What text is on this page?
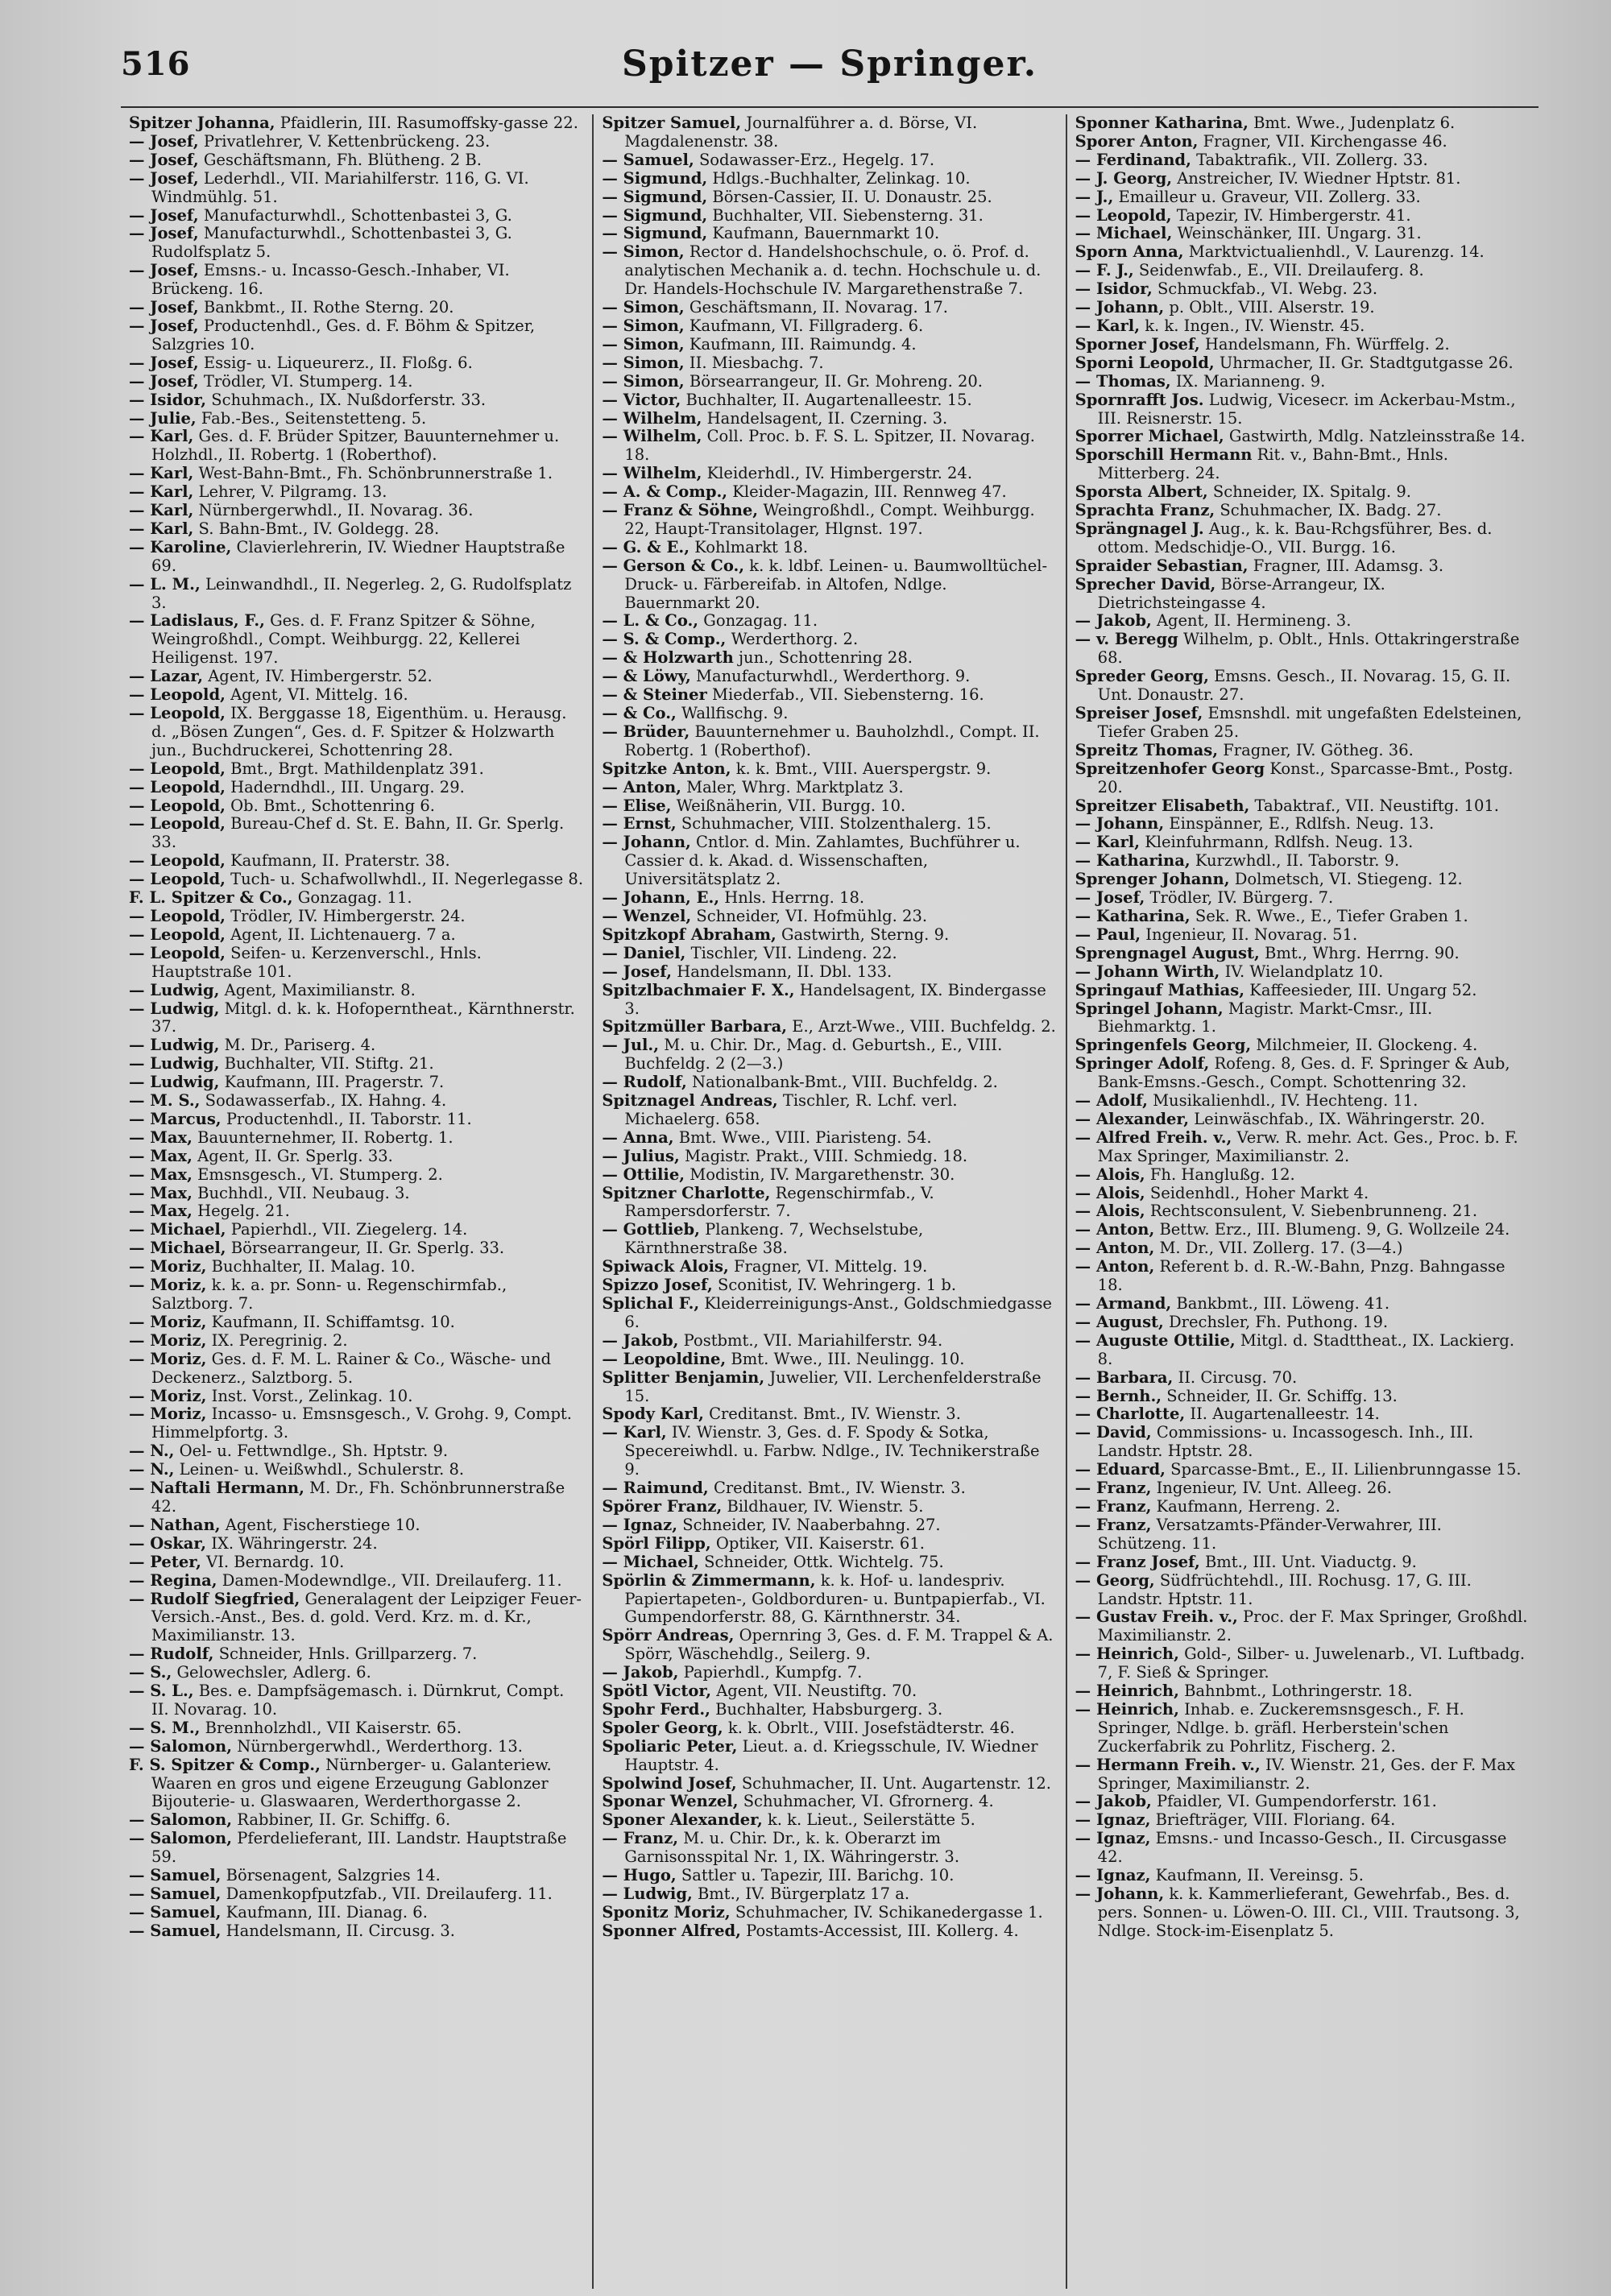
516	Spitzer — Springer.
Spitzer Johanna, Pfaidlerin, III. Rasumoffsky-gasse 22.
— Josef, Privatlehrer, V. Kettenbrückeng. 23.
— Josef, Geschäftsmann, Fh. Blütheng. 2 B.
— Josef, Lederhdl., VII. Mariahilferstr. 116, G. VI. Windmühlg. 51.
— Josef, Manufacturwhdl., Schottenbastei 3, G.
— Josef, Manufacturwhdl., Schottenbastei 3, G. Rudolfsplatz 5.
— Josef, Emsns.- u. Incasso-Gesch.-Inhaber, VI. Brückeng. 16.
— Josef, Bankbmt., II. Rothe Sterng. 20.
— Josef, Productenhdl., Ges. d. F. Böhm & Spitzer, Salzgries 10.
— Josef, Essig- u. Liqueurerz., II. Floßg. 6.
— Josef, Trödler, VI. Stumperg. 14.
— Isidor, Schuhmach., IX. Nußdorferstr. 33.
— Julie, Fab.-Bes., Seitenstetteng. 5.
— Karl, Ges. d. F. Brüder Spitzer, Bauunternehmer u. Holzhdl., II. Robertg. 1 (Roberthof).
— Karl, West-Bahn-Bmt., Fh. Schönbrunnerstraße 1.
— Karl, Lehrer, V. Pilgramg. 13.
— Karl, Nürnbergerwhdl., II. Novarag. 36.
— Karl, S. Bahn-Bmt., IV. Goldegg. 28.
— Karoline, Clavierlehrerin, IV. Wiedner Hauptstraße 69.
— L. M., Leinwandhdl., II. Negerleg. 2, G. Rudolfsplatz 3.
— Ladislaus, F., Ges. d. F. Franz Spitzer & Söhne, Weingroßhdl., Compt. Weihburgg. 22, Kellerei Heiligenst. 197.
— Lazar, Agent, IV. Himbergerstr. 52.
— Leopold, Agent, VI. Mittelg. 16.
— Leopold, IX. Berggasse 18, Eigenthüm. u. Herausg. d. „Bösen Zungen“, Ges. d. F. Spitzer & Holzwarth jun., Buchdruckerei, Schottenring 28.
— Leopold, Bmt., Brgt. Mathildenplatz 391.
— Leopold, Haderndhdl., III. Ungarg. 29.
— Leopold, Ob. Bmt., Schottenring 6.
— Leopold, Bureau-Chef d. St. E. Bahn, II. Gr. Sperlg. 33.
— Leopold, Kaufmann, II. Praterstr. 38.
— Leopold, Tuch- u. Schafwollwhdl., II. Negerlegasse 8.
F. L. Spitzer & Co., Gonzagag. 11.
— Leopold, Trödler, IV. Himbergerstr. 24.
— Leopold, Agent, II. Lichtenauerg. 7 a.
— Leopold, Seifen- u. Kerzenverschl., Hnls. Hauptstraße 101.
— Ludwig, Agent, Maximilianstr. 8.
— Ludwig, Mitgl. d. k. k. Hofoperntheat., Kärnthnerstr. 37.
— Ludwig, M. Dr., Pariserg. 4.
— Ludwig, Buchhalter, VII. Stiftg. 21.
— Ludwig, Kaufmann, III. Pragerstr. 7.
— M. S., Sodawasserfab., IX. Hahng. 4.
— Marcus, Productenhdl., II. Taborstr. 11.
— Max, Bauunternehmer, II. Robertg. 1.
— Max, Agent, II. Gr. Sperlg. 33.
— Max, Emsnsgesch., VI. Stumperg. 2.
— Max, Buchhdl., VII. Neubaug. 3.
— Max, Hegelg. 21.
— Michael, Papierhdl., VII. Ziegelerg. 14.
— Michael, Börsearrangeur, II. Gr. Sperlg. 33.
— Moriz, Buchhalter, II. Malag. 10.
— Moriz, k. k. a. pr. Sonn- u. Regenschirmfab., Salztborg. 7.
— Moriz, Kaufmann, II. Schiffamtsg. 10.
— Moriz, IX. Peregrinig. 2.
— Moriz, Ges. d. F. M. L. Rainer & Co., Wäsche- und Deckenerz., Salztborg. 5.
— Moriz, Inst. Vorst., Zelinkag. 10.
— Moriz, Incasso- u. Emsnsgesch., V. Grohg. 9, Compt. Himmelpfortg. 3.
— N., Oel- u. Fettwndlge., Sh. Hptstr. 9.
— N., Leinen- u. Weißwhdl., Schulerstr. 8.
— Naftali Hermann, M. Dr., Fh. Schönbrunnerstraße 42.
— Nathan, Agent, Fischerstiege 10.
— Oskar, IX. Währingerstr. 24.
— Peter, VI. Bernardg. 10.
— Regina, Damen-Modewndlge., VII. Dreilauferg. 11.
— Rudolf Siegfried, Generalagent der Leipziger Feuer-Versich.-Anst., Bes. d. gold. Verd. Krz. m. d. Kr., Maximilianstr. 13.
— Rudolf, Schneider, Hnls. Grillparzerg. 7.
— S., Gelowechsler, Adlerg. 6.
— S. L., Bes. e. Dampfsägemasch. i. Dürnkrut, Compt. II. Novarag. 10.
— S. M., Brennholzhdl., VII Kaiserstr. 65.
— Salomon, Nürnbergerwhdl., Werderthorg. 13.
F. S. Spitzer & Comp., Nürnberger- u. Galanteriew. Waaren en gros und eigene Erzeugung Gablonzer Bijouterie- u. Glaswaaren, Werderthorgasse 2.
— Salomon, Rabbiner, II. Gr. Schiffg. 6.
— Salomon, Pferdelieferant, III. Landstr. Hauptstraße 59.
— Samuel, Börsenagent, Salzgries 14.
— Samuel, Damenkopfputzfab., VII. Dreilauferg. 11.
— Samuel, Kaufmann, III. Dianag. 6.
— Samuel, Handelsmann, II. Circusg. 3.
Spitzer Samuel, Journalführer a. d. Börse, VI. Magdalenenstr. 38.
— Samuel, Sodawasser-Erz., Hegelg. 17.
— Sigmund, Hdlgs.-Buchhalter, Zelinkag. 10.
— Sigmund, Börsen-Cassier, II. U. Donaustr. 25.
— Sigmund, Buchhalter, VII. Siebensterng. 31.
— Sigmund, Kaufmann, Bauernmarkt 10.
— Simon, Rector d. Handelshochschule, o. ö. Prof. d. analytischen Mechanik a. d. techn. Hochschule u. d. Dr. Handels-Hochschule IV. Margarethenstraße 7.
— Simon, Geschäftsmann, II. Novarag. 17.
— Simon, Kaufmann, VI. Fillgraderg. 6.
— Simon, Kaufmann, III. Raimundg. 4.
— Simon, II. Miesbachg. 7.
— Simon, Börsearrangeur, II. Gr. Mohreng. 20.
— Victor, Buchhalter, II. Augartenalleestr. 15.
— Wilhelm, Handelsagent, II. Czerning. 3.
— Wilhelm, Coll. Proc. b. F. S. L. Spitzer, II. Novarag. 18.
— Wilhelm, Kleiderhdl., IV. Himbergerstr. 24.
— A. & Comp., Kleider-Magazin, III. Rennweg 47.
— Franz & Söhne, Weingroßhdl., Compt. Weihburgg. 22, Haupt-Transitolager, Hlgnst. 197.
— G. & E., Kohlmarkt 18.
— Gerson & Co., k. k. ldbf. Leinen- u. Baumwolltüchel-Druck- u. Färbereifab. in Altofen, Ndlge. Bauernmarkt 20.
— L. & Co., Gonzagag. 11.
— S. & Comp., Werderthorg. 2.
— & Holzwarth jun., Schottenring 28.
— & Löwy, Manufacturwhdl., Werderthorg. 9.
— & Steiner Miederfab., VII. Siebensterng. 16.
— & Co., Wallfischg. 9.
— Brüder, Bauunternehmer u. Bauholzhdl., Compt. II. Robertg. 1 (Roberthof).
Spitzke Anton, k. k. Bmt., VIII. Auerspergstr. 9.
— Anton, Maler, Whrg. Marktplatz 3.
— Elise, Weißnäherin, VII. Burgg. 10.
— Ernst, Schuhmacher, VIII. Stolzenthalerg. 15.
— Johann, Cntlor. d. Min. Zahlamtes, Buchführer u. Cassier d. k. Akad. d. Wissenschaften, Universitätsplatz 2.
— Johann, E., Hnls. Herrng. 18.
— Wenzel, Schneider, VI. Hofmühlg. 23.
Spitzkopf Abraham, Gastwirth, Sterng. 9.
— Daniel, Tischler, VII. Lindeng. 22.
— Josef, Handelsmann, II. Dbl. 133.
Spitzlbachmaier F. X., Handelsagent, IX. Bindergasse 3.
Spitzmüller Barbara, E., Arzt-Wwe., VIII. Buchfeldg. 2.
— Jul., M. u. Chir. Dr., Mag. d. Geburtsh., E., VIII. Buchfeldg. 2 (2—3.)
— Rudolf, Nationalbank-Bmt., VIII. Buchfeldg. 2.
Spitznagel Andreas, Tischler, R. Lchf. verl. Michaelerg. 658.
— Anna, Bmt. Wwe., VIII. Piaristeng. 54.
— Julius, Magistr. Prakt., VIII. Schmiedg. 18.
— Ottilie, Modistin, IV. Margarethenstr. 30.
Spitzner Charlotte, Regenschirmfab., V. Rampersdorferstr. 7.
— Gottlieb, Plankeng. 7, Wechselstube, Kärnthnerstraße 38.
Spiwack Alois, Fragner, VI. Mittelg. 19.
Spizzo Josef, Sconitist, IV. Wehringerg. 1 b.
Splichal F., Kleiderreinigungs-Anst., Goldschmiedgasse 6.
— Jakob, Postbmt., VII. Mariahilferstr. 94.
— Leopoldine, Bmt. Wwe., III. Neulingg. 10.
Splitter Benjamin, Juwelier, VII. Lerchenfelderstraße 15.
Spody Karl, Creditanst. Bmt., IV. Wienstr. 3.
— Karl, IV. Wienstr. 3, Ges. d. F. Spody & Sotka, Specereiwhdl. u. Farbw. Ndlge., IV. Technikerstraße 9.
— Raimund, Creditanst. Bmt., IV. Wienstr. 3.
Spörer Franz, Bildhauer, IV. Wienstr. 5.
— Ignaz, Schneider, IV. Naaberbahng. 27.
Spörl Filipp, Optiker, VII. Kaiserstr. 61.
— Michael, Schneider, Ottk. Wichtelg. 75.
Spörlin & Zimmermann, k. k. Hof- u. landespriv. Papiertapeten-, Goldborduren- u. Buntpapierfab., VI. Gumpendorferstr. 88, G. Kärnthnerstr. 34.
Spörr Andreas, Opernring 3, Ges. d. F. M. Trappel & A. Spörr, Wäschehdlg., Seilerg. 9.
— Jakob, Papierhdl., Kumpfg. 7.
Spötl Victor, Agent, VII. Neustiftg. 70.
Spohr Ferd., Buchhalter, Habsburgerg. 3.
Spoler Georg, k. k. Obrlt., VIII. Josefstädterstr. 46.
Spoliaric Peter, Lieut. a. d. Kriegsschule, IV. Wiedner Hauptstr. 4.
Spolwind Josef, Schuhmacher, II. Unt. Augartenstr. 12.
Sponar Wenzel, Schuhmacher, VI. Gfrornerg. 4.
Sponer Alexander, k. k. Lieut., Seilerstätte 5.
— Franz, M. u. Chir. Dr., k. k. Oberarzt im Garnisonsspital Nr. 1, IX. Währingerstr. 3.
— Hugo, Sattler u. Tapezir, III. Barichg. 10.
— Ludwig, Bmt., IV. Bürgerplatz 17 a.
Sponitz Moriz, Schuhmacher, IV. Schikanedergasse 1.
Sponner Alfred, Postamts-Accessist, III. Kollerg. 4.
Sponner Katharina, Bmt. Wwe., Judenplatz 6.
Sporer Anton, Fragner, VII. Kirchengasse 46.
— Ferdinand, Tabaktrafik., VII. Zollerg. 33.
— J. Georg, Anstreicher, IV. Wiedner Hptstr. 81.
— J., Emailleur u. Graveur, VII. Zollerg. 33.
— Leopold, Tapezir, IV. Himbergerstr. 41.
— Michael, Weinschänker, III. Ungarg. 31.
Sporn Anna, Marktvictualienhdl., V. Laurenzg. 14.
— F. J., Seidenwfab., E., VII. Dreilauferg. 8.
— Isidor, Schmuckfab., VI. Webg. 23.
— Johann, p. Oblt., VIII. Alserstr. 19.
— Karl, k. k. Ingen., IV. Wienstr. 45.
Sporner Josef, Handelsmann, Fh. Würffelg. 2.
Sporni Leopold, Uhrmacher, II. Gr. Stadtgutgasse 26.
— Thomas, IX. Marianneng. 9.
Spornrafft Jos. Ludwig, Vicesecr. im Ackerbau-Mstm., III. Reisnerstr. 15.
Sporrer Michael, Gastwirth, Mdlg. Natzleinsstraße 14.
Sporschill Hermann Rit. v., Bahn-Bmt., Hnls. Mitterberg. 24.
Sporsta Albert, Schneider, IX. Spitalg. 9.
Sprachta Franz, Schuhmacher, IX. Badg. 27.
Sprängnagel J. Aug., k. k. Bau-Rchgsführer, Bes. d. ottom. Medschidje-O., VII. Burgg. 16.
Spraider Sebastian, Fragner, III. Adamsg. 3.
Sprecher David, Börse-Arrangeur, IX. Dietrichsteingasse 4.
— Jakob, Agent, II. Hermineng. 3.
— v. Beregg Wilhelm, p. Oblt., Hnls. Ottakringerstraße 68.
Spreder Georg, Emsns. Gesch., II. Novarag. 15, G. II. Unt. Donaustr. 27.
Spreiser Josef, Emsnshdl. mit ungefaßten Edelsteinen, Tiefer Graben 25.
Spreitz Thomas, Fragner, IV. Götheg. 36.
Spreitzenhofer Georg Konst., Sparcasse-Bmt., Postg. 20.
Spreitzer Elisabeth, Tabaktraf., VII. Neustiftg. 101.
— Johann, Einspänner, E., Rdlfsh. Neug. 13.
— Karl, Kleinfuhrmann, Rdlfsh. Neug. 13.
— Katharina, Kurzwhdl., II. Taborstr. 9.
Sprenger Johann, Dolmetsch, VI. Stiegeng. 12.
— Josef, Trödler, IV. Bürgerg. 7.
— Katharina, Sek. R. Wwe., E., Tiefer Graben 1.
— Paul, Ingenieur, II. Novarag. 51.
Sprengnagel August, Bmt., Whrg. Herrng. 90.
— Johann Wirth, IV. Wielandplatz 10.
Springauf Mathias, Kaffeesieder, III. Ungarg 52.
Springel Johann, Magistr. Markt-Cmsr., III. Biehmarktg. 1.
Springenfels Georg, Milchmeier, II. Glockeng. 4.
Springer Adolf, Rofeng. 8, Ges. d. F. Springer & Aub, Bank-Emsns.-Gesch., Compt. Schottenring 32.
— Adolf, Musikalienhdl., IV. Hechteng. 11.
— Alexander, Leinwäschfab., IX. Währingerstr. 20.
— Alfred Freih. v., Verw. R. mehr. Act. Ges., Proc. b. F. Max Springer, Maximilianstr. 2.
— Alois, Fh. Hanglußg. 12.
— Alois, Seidenhdl., Hoher Markt 4.
— Alois, Rechtsconsulent, V. Siebenbrunneng. 21.
— Anton, Bettw. Erz., III. Blumeng. 9, G. Wollzeile 24.
— Anton, M. Dr., VII. Zollerg. 17. (3—4.)
— Anton, Referent b. d. R.-W.-Bahn, Pnzg. Bahngasse 18.
— Armand, Bankbmt., III. Löweng. 41.
— August, Drechsler, Fh. Puthong. 19.
— Auguste Ottilie, Mitgl. d. Stadttheat., IX. Lackierg. 8.
— Barbara, II. Circusg. 70.
— Bernh., Schneider, II. Gr. Schiffg. 13.
— Charlotte, II. Augartenalleestr. 14.
— David, Commissions- u. Incassogesch. Inh., III. Landstr. Hptstr. 28.
— Eduard, Sparcasse-Bmt., E., II. Lilienbrunngasse 15.
— Franz, Ingenieur, IV. Unt. Alleeg. 26.
— Franz, Kaufmann, Herreng. 2.
— Franz, Versatzamts-Pfänder-Verwahrer, III. Schützeng. 11.
— Franz Josef, Bmt., III. Unt. Viaductg. 9.
— Georg, Südfrüchtehdl., III. Rochusg. 17, G. III. Landstr. Hptstr. 11.
— Gustav Freih. v., Proc. der F. Max Springer, Großhdl. Maximilianstr. 2.
— Heinrich, Gold-, Silber- u. Juwelenarb., VI. Luftbadg. 7, F. Sieß & Springer.
— Heinrich, Bahnbmt., Lothringerstr. 18.
— Heinrich, Inhab. e. Zuckeremsnsgesch., F. H. Springer, Ndlge. b. gräfl. Herberstein'schen Zuckerfabrik zu Pohrlitz, Fischerg. 2.
— Hermann Freih. v., IV. Wienstr. 21, Ges. der F. Max Springer, Maximilianstr. 2.
— Jakob, Pfaidler, VI. Gumpendorferstr. 161.
— Ignaz, Briefträger, VIII. Floriang. 64.
— Ignaz, Emsns.- und Incasso-Gesch., II. Circusgasse 42.
— Ignaz, Kaufmann, II. Vereinsg. 5.
— Johann, k. k. Kammerlieferant, Gewehrfab., Bes. d. pers. Sonnen- u. Löwen-O. III. Cl., VIII. Trautsong. 3, Ndlge. Stock-im-Eisenplatz 5.
